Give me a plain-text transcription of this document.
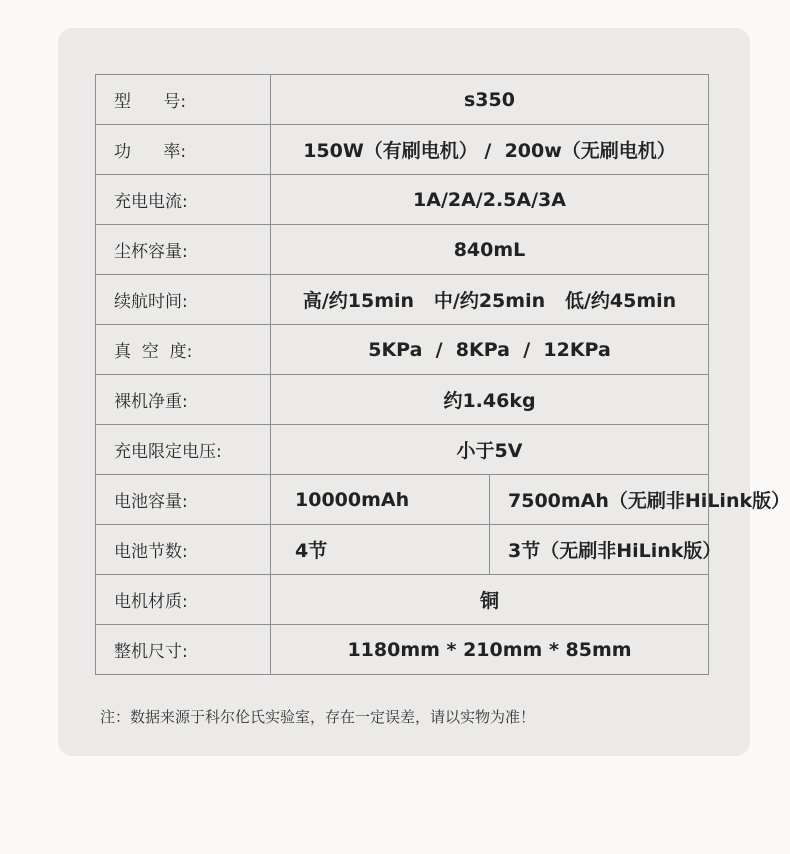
型      号:	s350	
功      率:	150W（有刷电机） /  200w（无刷电机）	
充电电流:	1A/2A/2.5A/3A	
尘杯容量:	840mL	
续航时间:	高/约15min   中/约25min   低/约45min	
真  空  度:	5KPa  /  8KPa  /  12KPa	
裸机净重:	约1.46kg	
充电限定电压:	小于5V	
电池容量:	10000mAh	7500mAh（无刷非HiLink版）
电池节数:	4节	3节（无刷非HiLink版）
电机材质:	铜	
整机尺寸:	1180mm * 210mm * 85mm	
注：数据来源于科尔伦氏实验室，存在一定误差，请以实物为准！
